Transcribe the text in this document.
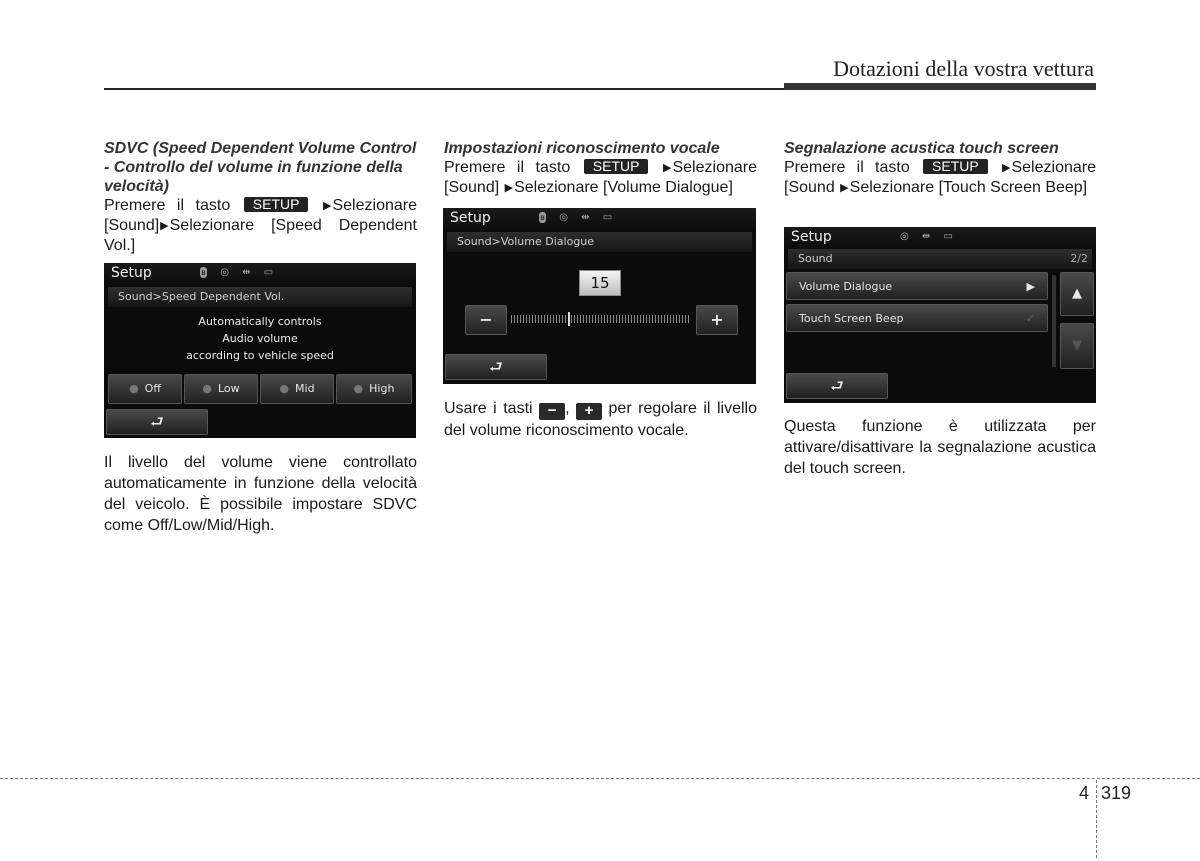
Dotazioni della vostra vettura

SDVC (Speed Dependent Volume Control - Controllo del volume in funzione della velocità)

Premere il tasto SETUP ▶Selezionare [Sound]▶Selezionare [Speed Dependent Vol.]

Setup	ʙ ◎ ⇹ ▭
Sound>Speed Dependent Vol.
Automatically controls
Audio volume
according to vehicle speed
● Off	● Low	● Mid	● High
⮐
Il livello del volume viene controllato automaticamente in funzione della velocità del veicolo. È possibile impostare SDVC come Off/Low/Mid/High.

Impostazioni riconoscimento vocale

Premere il tasto SETUP ▶Selezionare [Sound] ▶Selezionare [Volume Dialogue]

Setup	ʙ ◎ ⇹ ▭
Sound>Volume Dialogue
15
−	+
⮐
Usare i tasti − , + per regolare il livello del volume riconoscimento vocale.

Segnalazione acustica touch screen

Premere il tasto SETUP ▶Selezionare [Sound ▶Selezionare [Touch Screen Beep]

Setup	◎ ⇹ ▭
Sound	2/2
Volume Dialogue	▶
Touch Screen Beep	✓
▲
▼
⮐
Questa funzione è utilizzata per attivare/disattivare la segnalazione acustica del touch screen.
4 319
